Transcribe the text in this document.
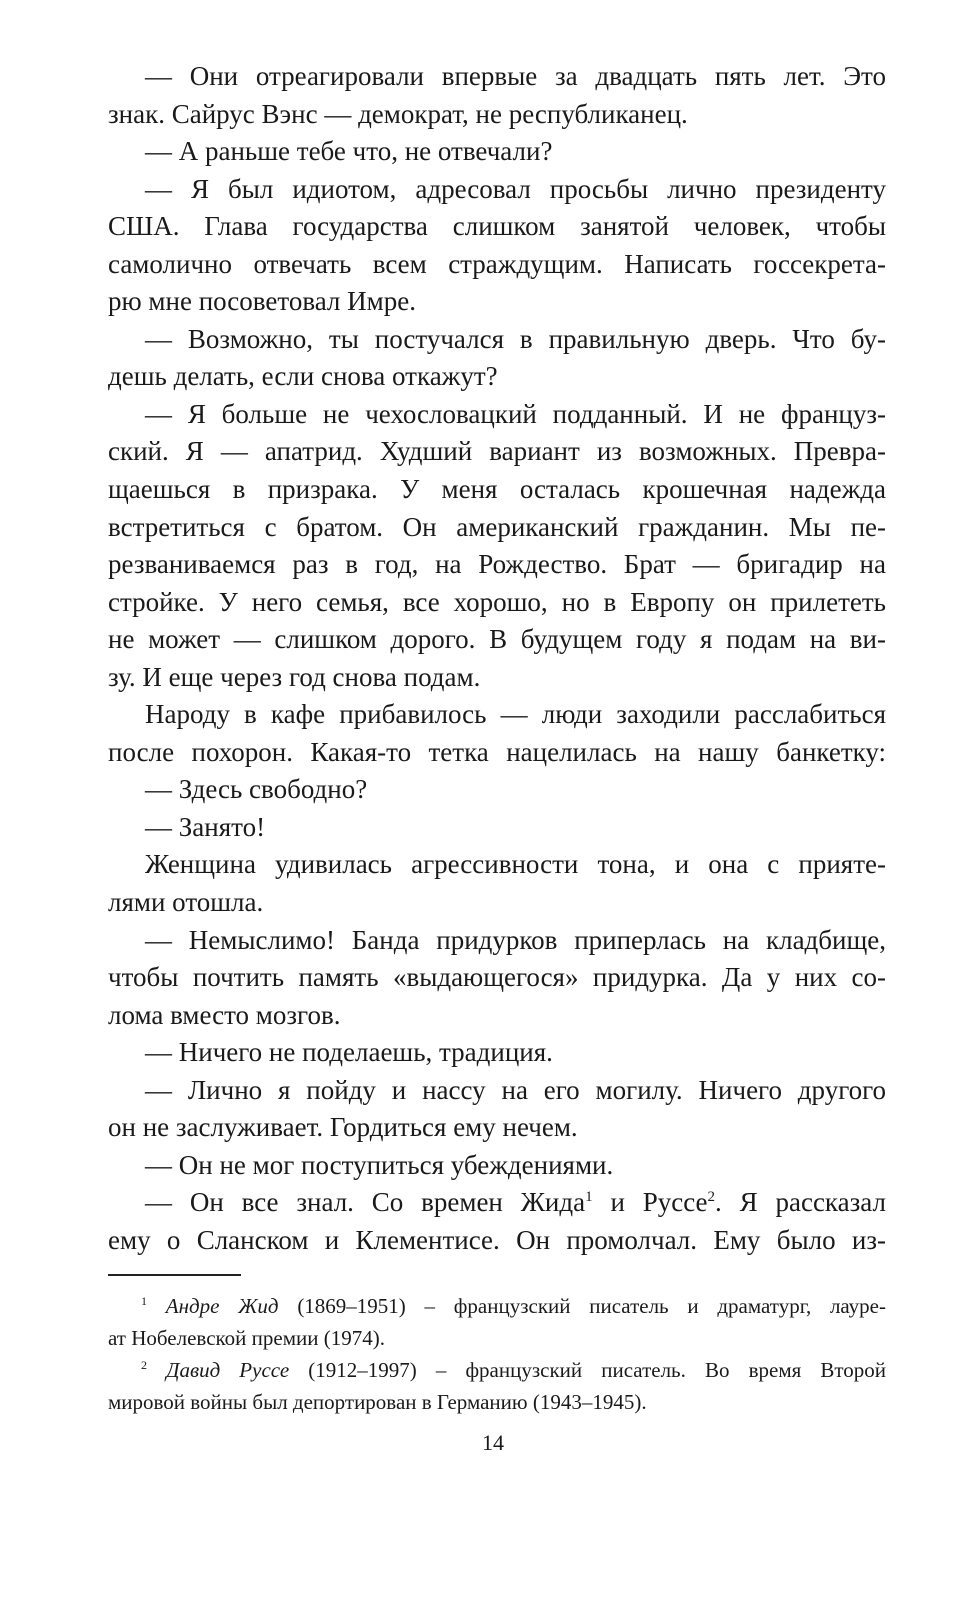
— Они отреагировали впервые за двадцать пять лет. Это
знак. Сайрус Вэнс — демократ, не республиканец.
— А раньше тебе что, не отвечали?
— Я был идиотом, адресовал просьбы лично президенту
США. Глава государства слишком занятой человек, чтобы
самолично отвечать всем страждущим. Написать госсекрета-
рю мне посоветовал Имре.
— Возможно, ты постучался в правильную дверь. Что бу-
дешь делать, если снова откажут?
— Я больше не чехословацкий подданный. И не француз-
ский. Я — апатрид. Худший вариант из возможных. Превра-
щаешься в призрака. У меня осталась крошечная надежда
встретиться с братом. Он американский гражданин. Мы пе-
резваниваемся раз в год, на Рождество. Брат — бригадир на
стройке. У него семья, все хорошо, но в Европу он прилететь
не может — слишком дорого. В будущем году я подам на ви-
зу. И еще через год снова подам.
Народу в кафе прибавилось — люди заходили расслабиться
после похорон. Какая-то тетка нацелилась на нашу банкетку:
— Здесь свободно?
— Занято!
Женщина удивилась агрессивности тона, и она с прияте-
лями отошла.
— Немыслимо! Банда придурков приперлась на кладбище,
чтобы почтить память «выдающегося» придурка. Да у них со-
лома вместо мозгов.
— Ничего не поделаешь, традиция.
— Лично я пойду и нассу на его могилу. Ничего другого
он не заслуживает. Гордиться ему нечем.
— Он не мог поступиться убеждениями.
— Он все знал. Со времен Жида$^1$ и Руссе$^2$. Я рассказал
ему о Сланском и Клементисе. Он промолчал. Ему было из-
$^1$ Андре Жид (1869–1951) – французский писатель и драматург, лауре-
ат Нобелевской премии (1974).
$^2$ Давид Руссе (1912–1997) – французский писатель. Во время Второй
мировой войны был депортирован в Германию (1943–1945).
14
